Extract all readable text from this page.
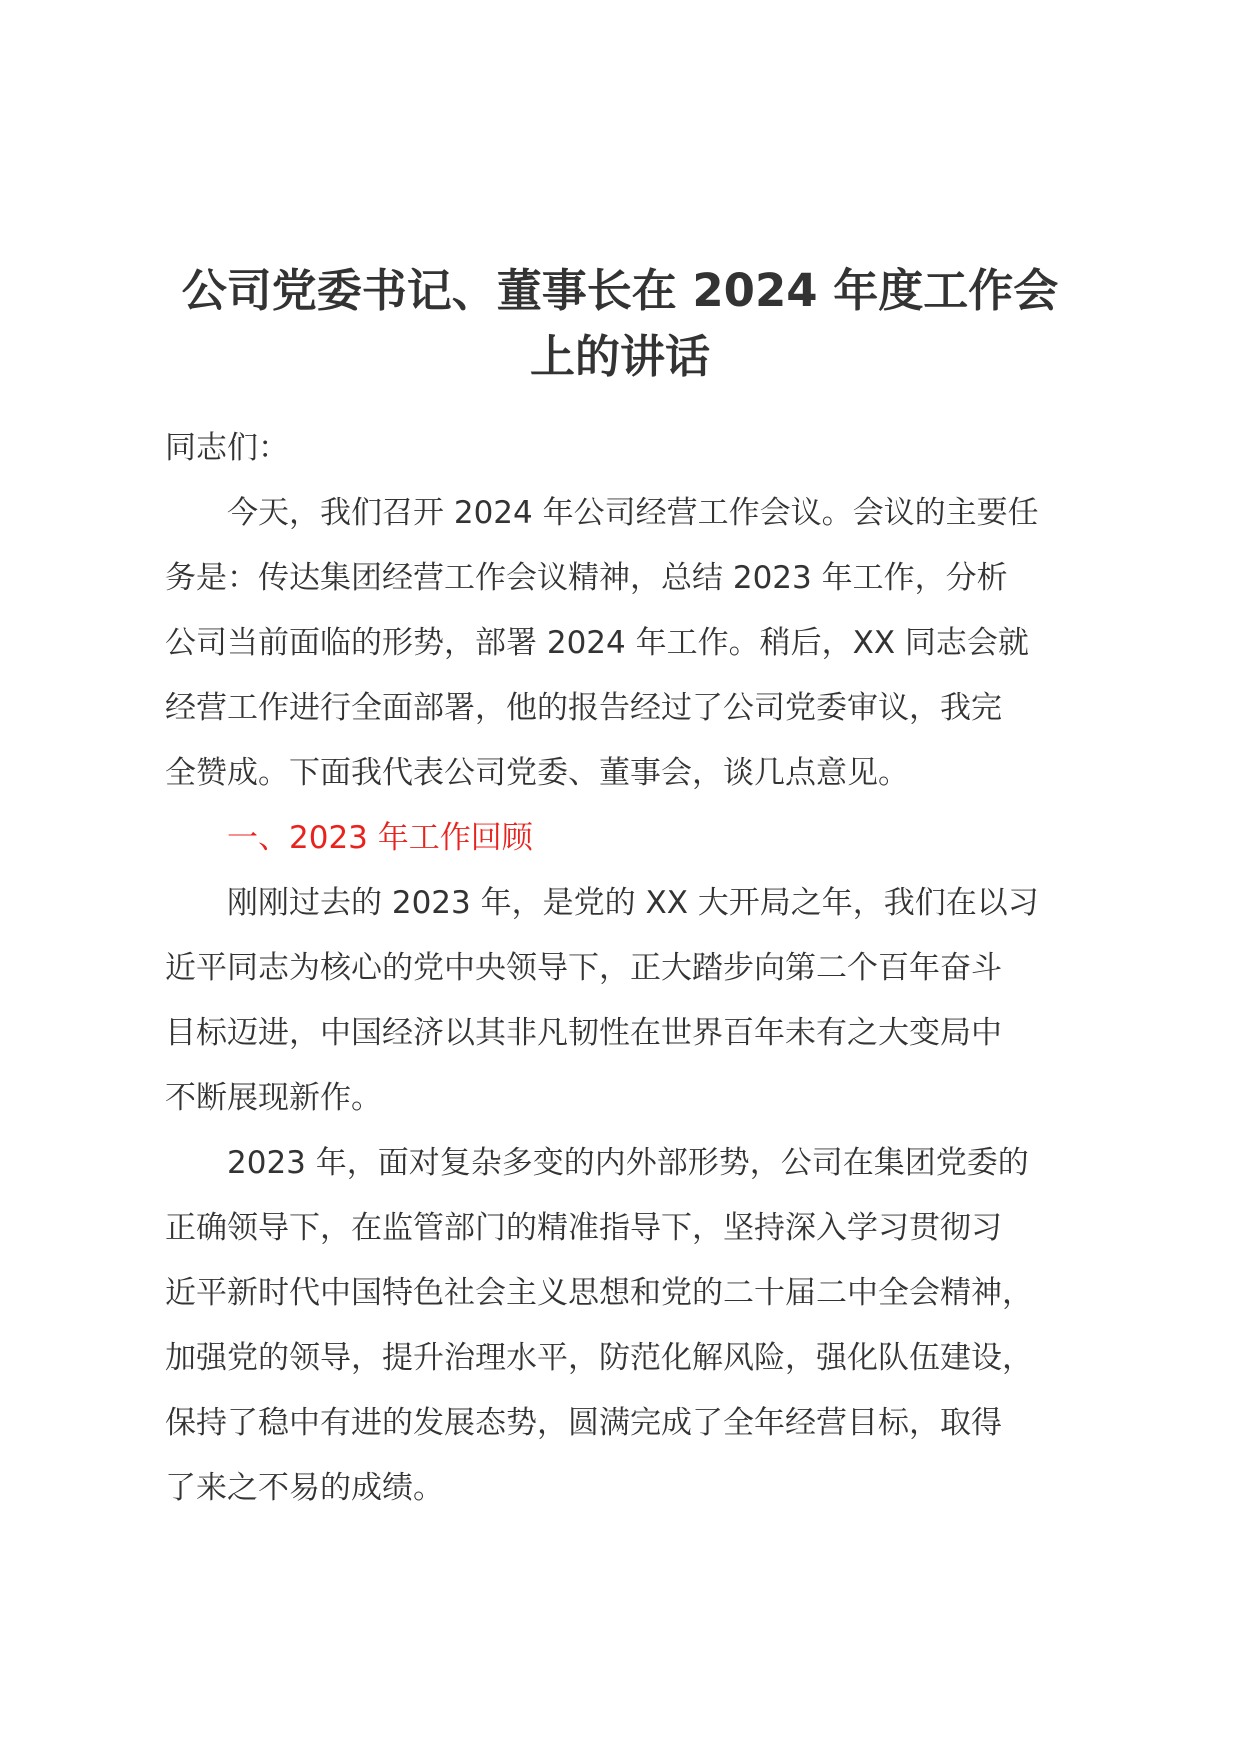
公司党委书记、董事长在 2024 年度工作会
上的讲话

同志们：

　　今天，我们召开 2024 年公司经营工作会议。会议的主要任
务是：传达集团经营工作会议精神，总结 2023 年工作，分析
公司当前面临的形势，部署 2024 年工作。稍后，XX 同志会就
经营工作进行全面部署，他的报告经过了公司党委审议，我完
全赞成。下面我代表公司党委、董事会，谈几点意见。

　　一、2023 年工作回顾

　　刚刚过去的 2023 年，是党的 XX 大开局之年，我们在以习
近平同志为核心的党中央领导下，正大踏步向第二个百年奋斗
目标迈进，中国经济以其非凡韧性在世界百年未有之大变局中
不断展现新作。

　　2023 年，面对复杂多变的内外部形势，公司在集团党委的
正确领导下，在监管部门的精准指导下，坚持深入学习贯彻习
近平新时代中国特色社会主义思想和党的二十届二中全会精神，
加强党的领导，提升治理水平，防范化解风险，强化队伍建设，
保持了稳中有进的发展态势，圆满完成了全年经营目标，取得
了来之不易的成绩。
